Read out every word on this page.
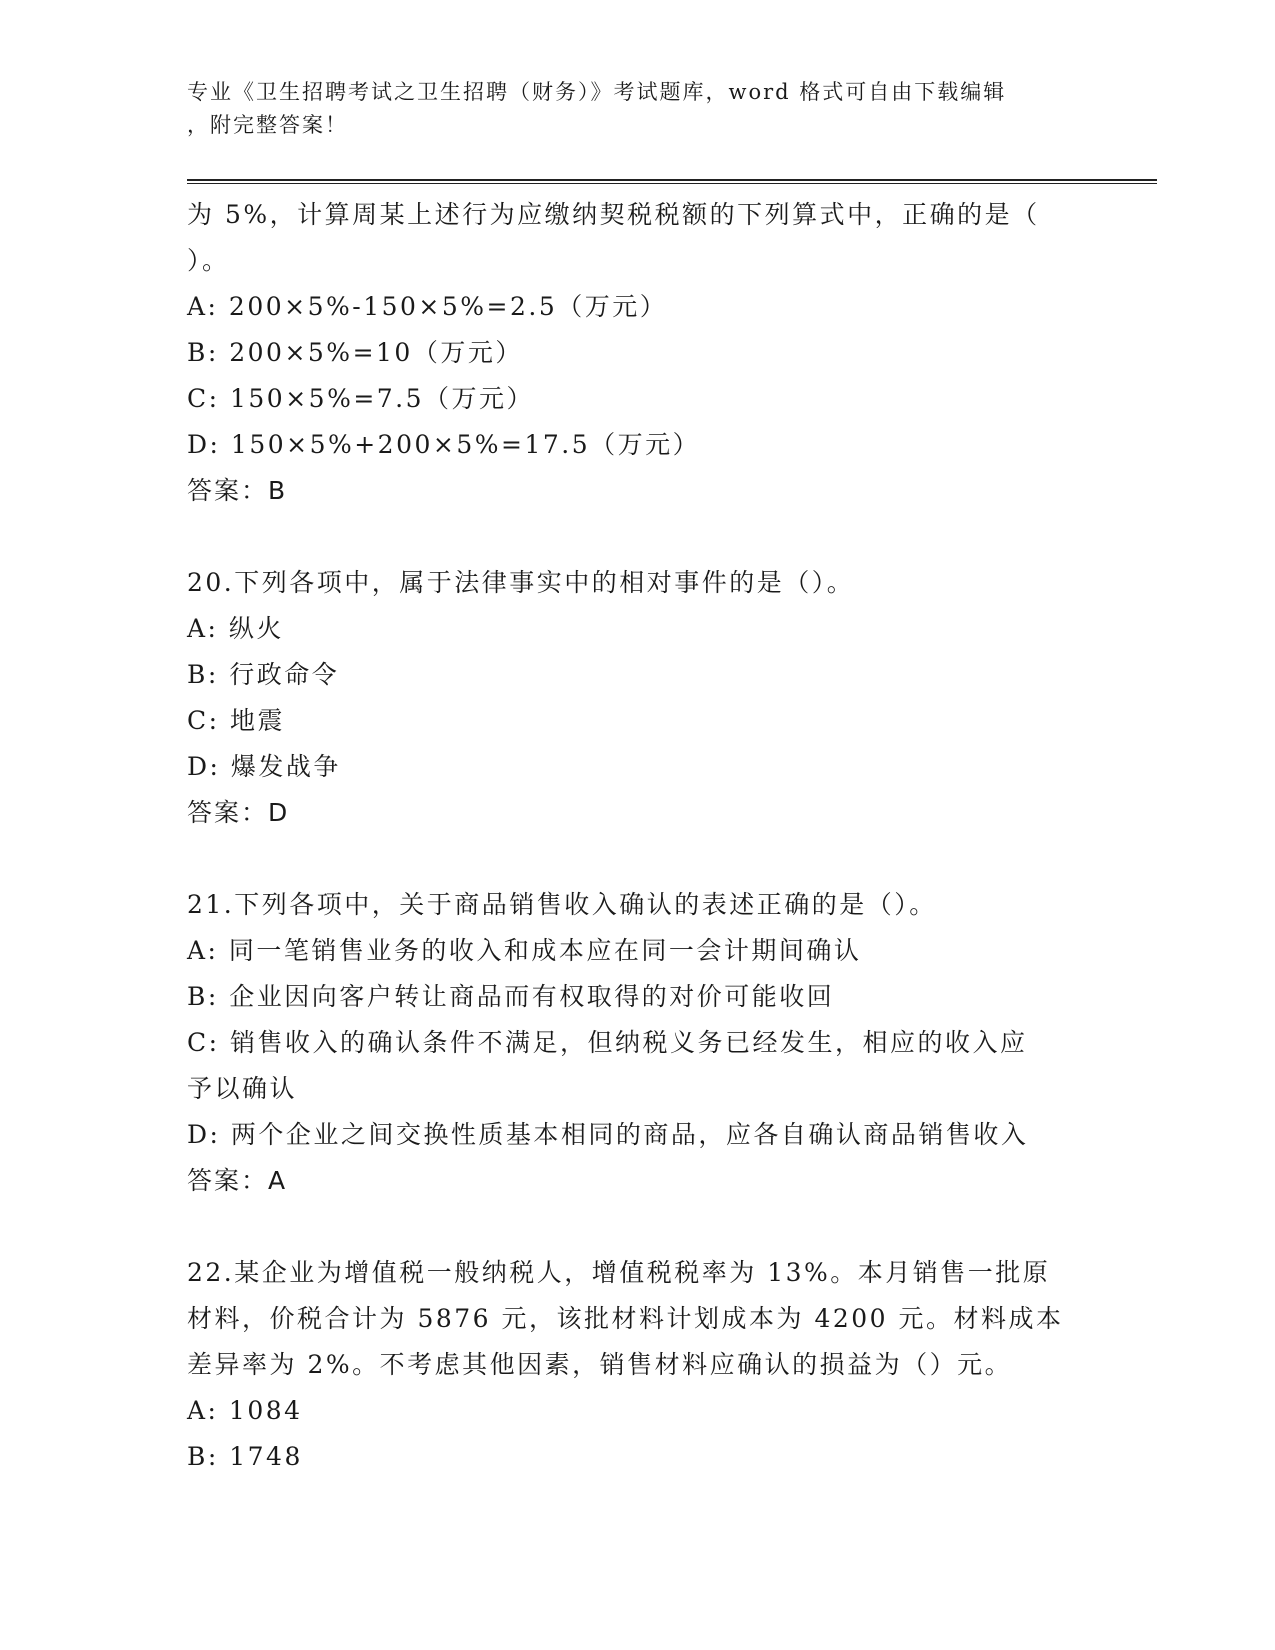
专业《卫生招聘考试之卫生招聘（财务）》考试题库，word 格式可自由下载编辑
，附完整答案！
为 5%，计算周某上述行为应缴纳契税税额的下列算式中，正确的是（
）。
A: 200×5%-150×5%=2.5（万元）
B: 200×5%=10（万元）
C: 150×5%=7.5（万元）
D: 150×5%+200×5%=17.5（万元）
答案：B
20.下列各项中，属于法律事实中的相对事件的是（）。
A: 纵火
B: 行政命令
C: 地震
D: 爆发战争
答案：D
21.下列各项中，关于商品销售收入确认的表述正确的是（）。
A: 同一笔销售业务的收入和成本应在同一会计期间确认
B: 企业因向客户转让商品而有权取得的对价可能收回
C: 销售收入的确认条件不满足，但纳税义务已经发生，相应的收入应
予以确认
D: 两个企业之间交换性质基本相同的商品，应各自确认商品销售收入
答案：A
22.某企业为增值税一般纳税人，增值税税率为 13%。本月销售一批原
材料，价税合计为 5876 元，该批材料计划成本为 4200 元。材料成本
差异率为 2%。不考虑其他因素，销售材料应确认的损益为（）元。
A: 1084
B: 1748
